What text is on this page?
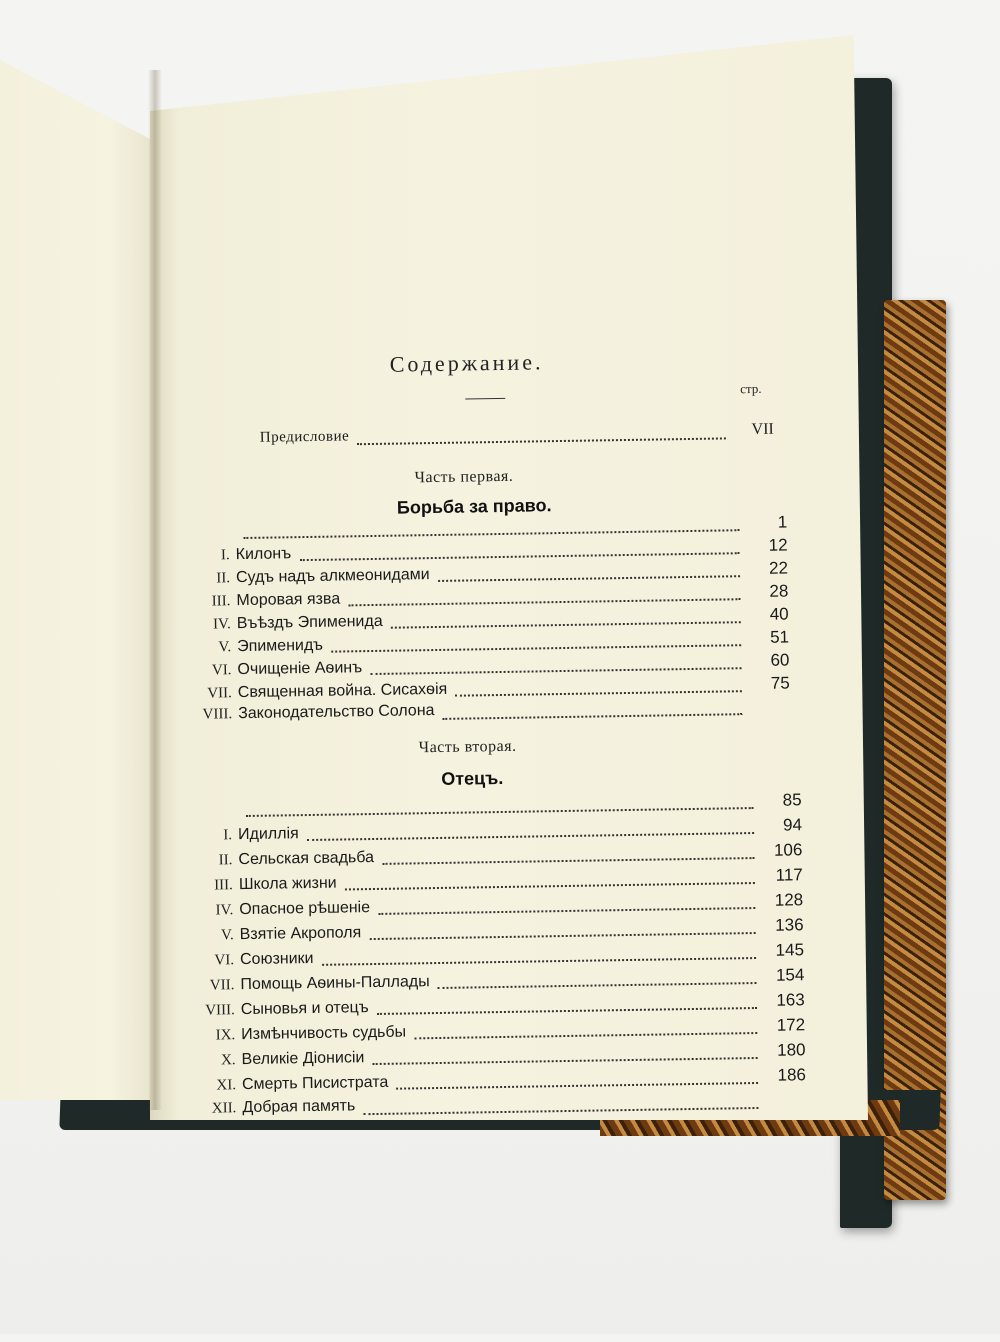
Содержание.
стр.
Предисловие	VII
Часть первая.
Борьба за право.
1
I. Килонъ	12
II. Судъ надъ алкмеонидами	22
III. Моровая язва	28
IV. Въѣздъ Эпименида	40
V. Эпименидъ	51
VI. Очищеніе Аѳинъ	60
VII. Священная война. Сисахѳія	75
VIII. Законодательство Солона
Часть вторая.
Отецъ.
85
I. Идиллія	94
II. Сельская свадьба	106
III. Школа жизни	117
IV. Опасное рѣшеніе	128
V. Взятіе Акрополя	136
VI. Союзники	145
VII. Помощь Аѳины-Паллады	154
VIII. Сыновья и отецъ	163
IX. Измѣнчивость судьбы	172
X. Великіе Діонисіи	180
XI. Смерть Писистрата	186
XII. Добрая память
